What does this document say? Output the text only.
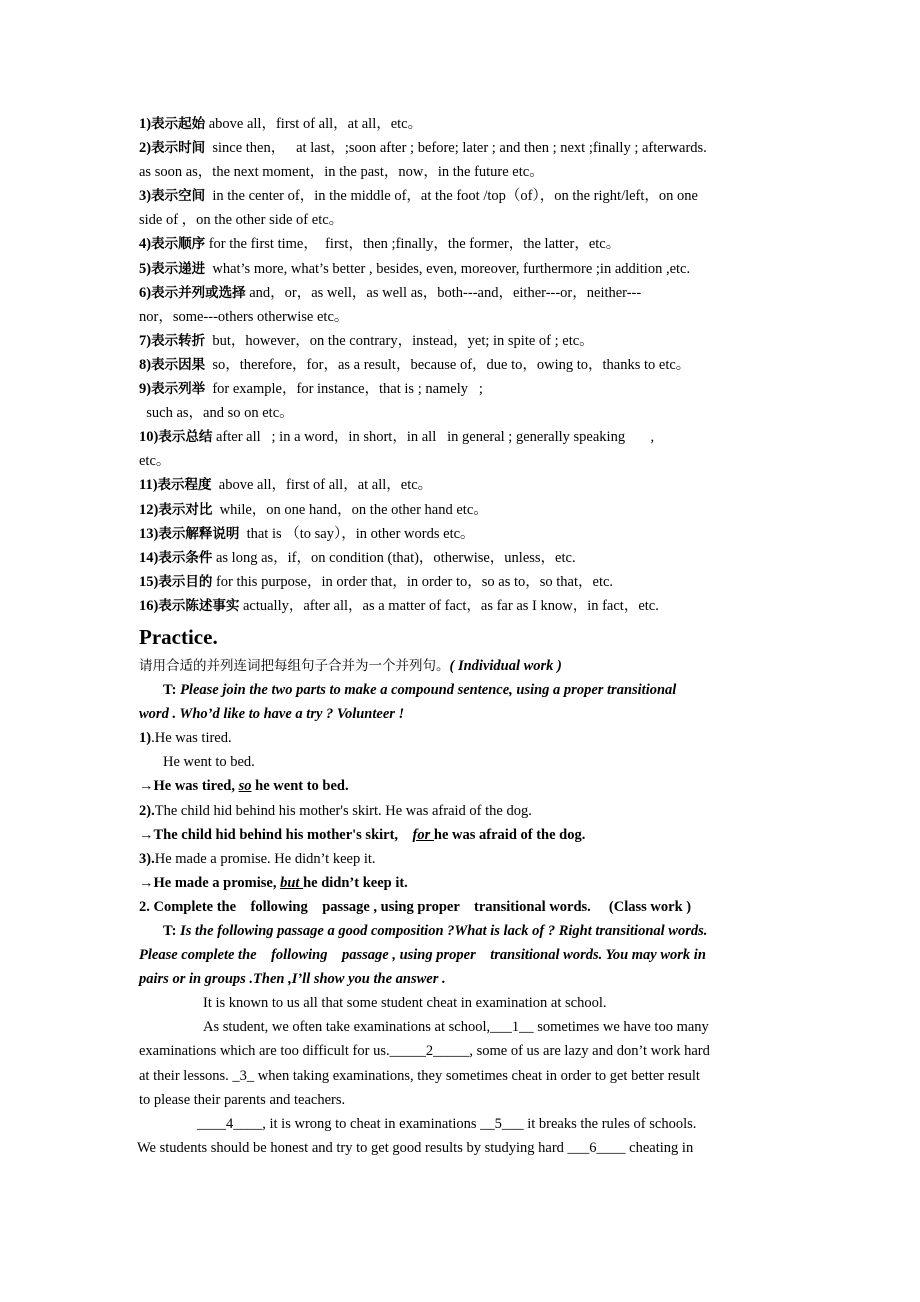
1)表示起始 above all，first of all，at all，etc。
2)表示时间  since then，   at last，;soon after ; before; later ; and then ; next ;finally ; afterwards.
as soon as，the next moment，in the past，now，in the future etc。
3)表示空间  in the center of，in the middle of，at the foot /top（of），on the right/left，on one
side of ，on the other side of etc。
4)表示顺序 for the first time，  first，then ;finally，the former，the latter，etc。
5)表示递进  what’s more, what’s better , besides, even, moreover, furthermore ;in addition ,etc.
6)表示并列或选择 and，or，as well，as well as，both---and，either---or，neither---
nor，some---others otherwise etc。
7)表示转折  but，however，on the contrary，instead，yet; in spite of ; etc。
8)表示因果  so，therefore，for，as a result，because of，due to，owing to，thanks to etc。
9)表示列举  for example，for instance，that is ; namely   ;
such as，and so on etc。
10)表示总结 after all   ; in a word，in short，in all   in general ; generally speaking       ,
etc。
11)表示程度  above all，first of all，at all，etc。
12)表示对比  while，on one hand，on the other hand etc。
13)表示解释说明  that is （to say），in other words etc。
14)表示条件 as long as，if，on condition (that)，otherwise，unless，etc.
15)表示目的 for this purpose，in order that，in order to，so as to，so that，etc.
16)表示陈述事实 actually，after all，as a matter of fact，as far as I know，in fact，etc.
Practice.
请用合适的并列连词把每组句子合并为一个并列句。( Individual work )
T: Please join the two parts to make a compound sentence, using a proper transitional
word . Who’d like to have a try ? Volunteer !
1).He was tired.
He went to bed.
→He was tired, so he went to bed.
2).The child hid behind his mother's skirt. He was afraid of the dog.
→The child hid behind his mother's skirt,    for he was afraid of the dog.
3).He made a promise. He didn’t keep it.
→He made a promise, but he didn’t keep it.
2. Complete the    following    passage , using proper    transitional words.     (Class work )
T: Is the following passage a good composition ?What is lack of ? Right transitional words.
Please complete the    following    passage , using proper    transitional words. You may work in
pairs or in groups .Then ,I’ll show you the answer .
It is known to us all that some student cheat in examination at school.
As student, we often take examinations at school,___1__ sometimes we have too many
examinations which are too difficult for us._____2_____, some of us are lazy and don’t work hard
at their lessons. _3_ when taking examinations, they sometimes cheat in order to get better result
to please their parents and teachers.
____4____, it is wrong to cheat in examinations __5___ it breaks the rules of schools.
We students should be honest and try to get good results by studying hard ___6____ cheating in
